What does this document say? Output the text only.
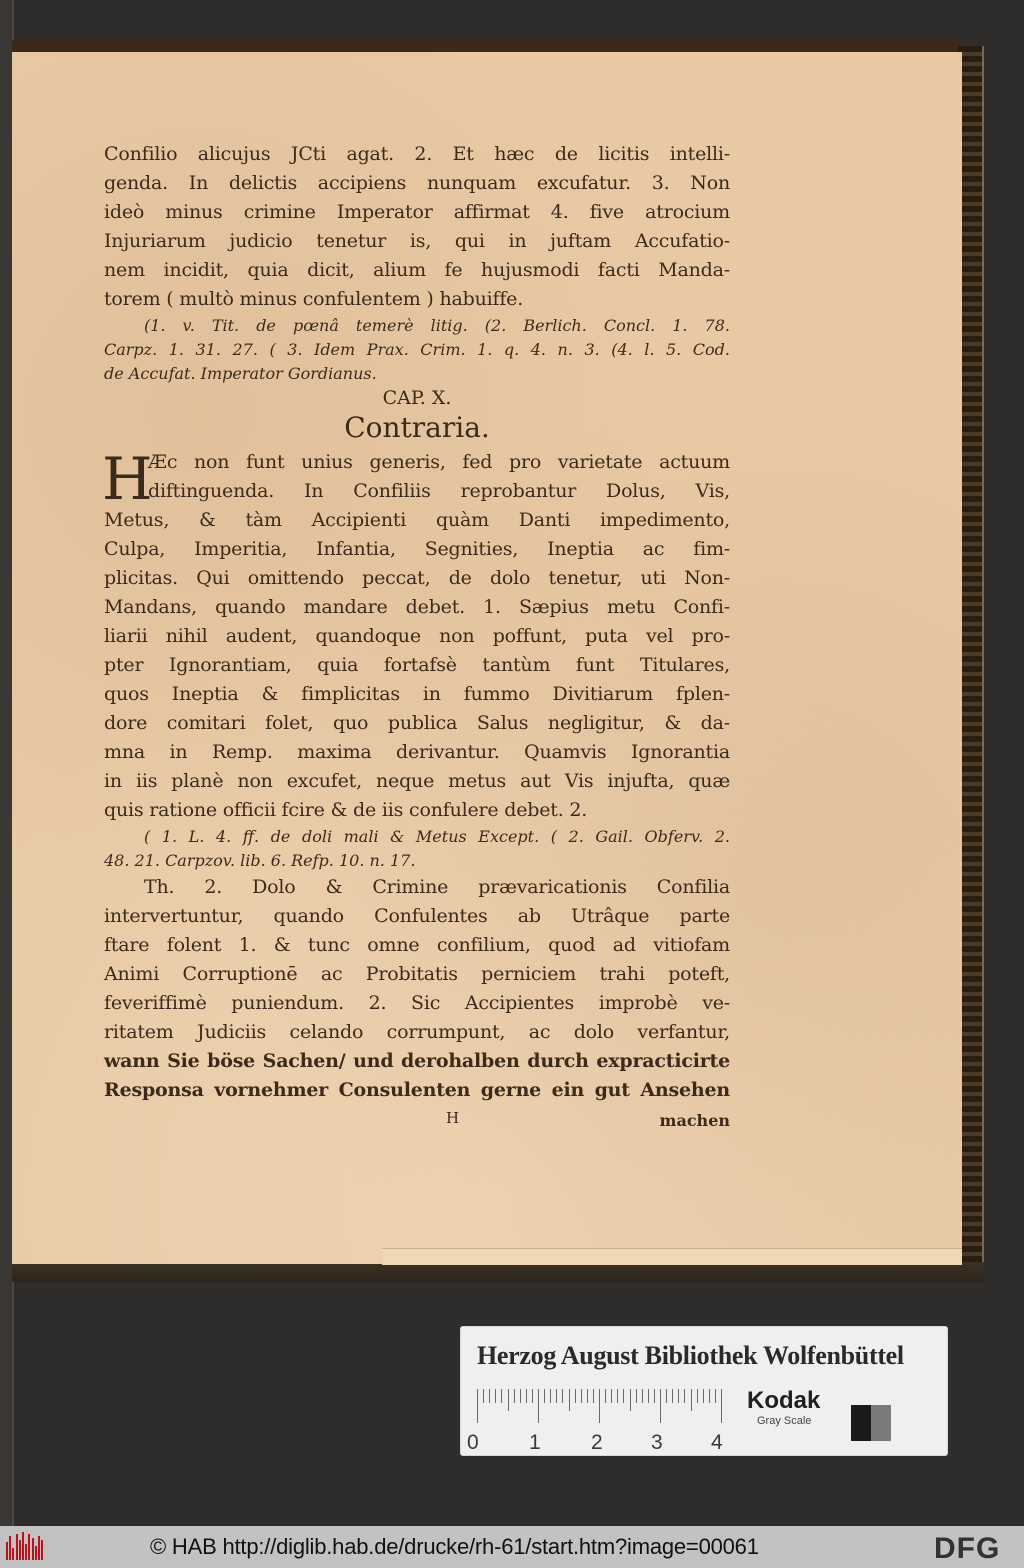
Confilio alicujus JCti agat. 2. Et hæc de licitis intelli-
genda. In delictis accipiens nunquam excufatur. 3. Non
ideò minus crimine Imperator affirmat 4. five atrocium
Injuriarum judicio tenetur is, qui in juftam Accufatio-
nem incidit, quia dicit, alium fe hujusmodi facti Manda-
torem ( multò minus confulentem ) habuiffe.
(1. v. Tit. de pœnâ temerè litig. (2. Berlich. Concl. 1. 78.
Carpz. 1. 31. 27. ( 3. Idem Prax. Crim. 1. q. 4. n. 3. (4. l. 5. Cod.
de Accufat. Imperator Gordianus.
CAP. X.
Contraria.
H
Æc non funt unius generis, fed pro varietate actuum
diftinguenda. In Confiliis reprobantur Dolus, Vis,
Metus, & tàm Accipienti quàm Danti impedimento,
Culpa, Imperitia, Infantia, Segnities, Ineptia ac fim-
plicitas. Qui omittendo peccat, de dolo tenetur, uti Non-
Mandans, quando mandare debet. 1. Sæpius metu Confi-
liarii nihil audent, quandoque non poffunt, puta vel pro-
pter Ignorantiam, quia fortafsè tantùm funt Titulares,
quos Ineptia & fimplicitas in fummo Divitiarum fplen-
dore comitari folet, quo publica Salus negligitur, & da-
mna in Remp. maxima derivantur. Quamvis Ignorantia
in iis planè non excufet, neque metus aut Vis injufta, quæ
quis ratione officii fcire & de iis confulere debet. 2.
( 1. L. 4. ff. de doli mali & Metus Except. ( 2. Gail. Obferv. 2.
48. 21. Carpzov. lib. 6. Refp. 10. n. 17.
Th. 2. Dolo & Crimine prævaricationis Confilia
intervertuntur, quando Confulentes ab Utrâque parte
ftare folent 1. & tunc omne confilium, quod ad vitiofam
Animi Corruptionē ac Probitatis perniciem trahi poteft,
feveriffimè puniendum. 2. Sic Accipientes improbè ve-
ritatem Judiciis celando corrumpunt, ac dolo verfantur,
wann Sie böse Sachen/ und derohalben durch expracticirte
Responsa vornehmer Consulenten gerne ein gut Ansehen
H	machen
Herzog August Bibliothek Wolfenbüttel
0 1 2 3 4
Kodak
Gray Scale
© HAB http://diglib.hab.de/drucke/rh-61/start.htm?image=00061	DFG
